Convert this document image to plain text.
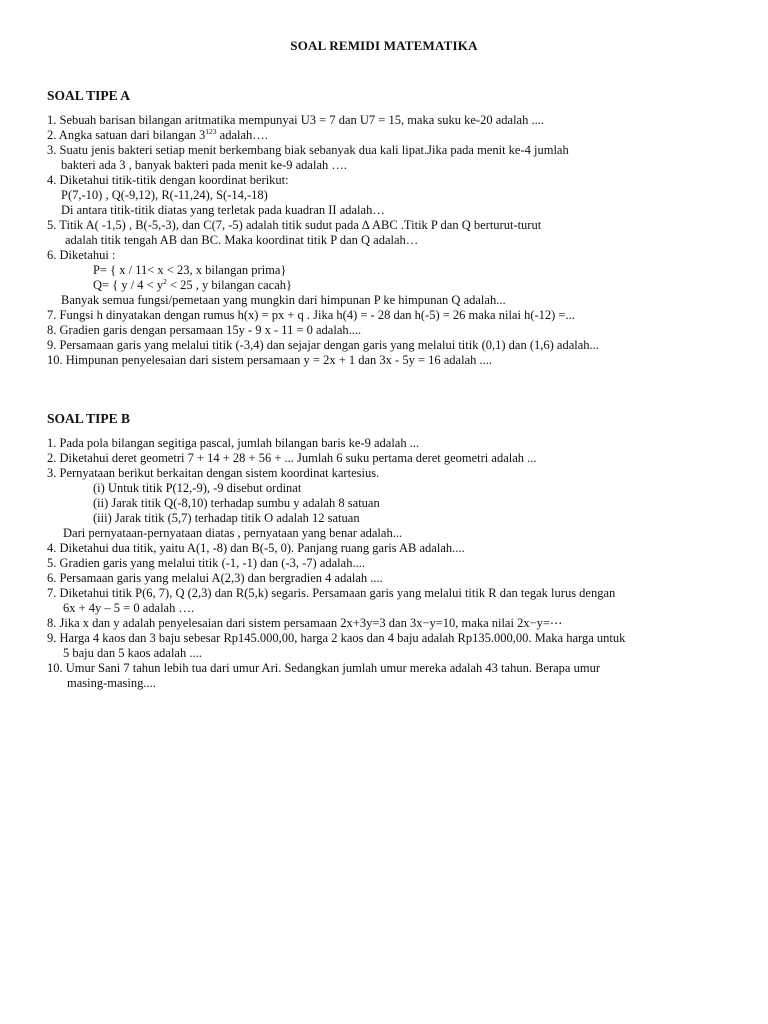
SOAL REMIDI MATEMATIKA
SOAL TIPE A
1. Sebuah barisan bilangan aritmatika mempunyai U3 = 7 dan U7 = 15, maka suku ke-20 adalah ....
2. Angka satuan dari bilangan $3^{123}$ adalah….
3. Suatu jenis bakteri setiap menit berkembang biak sebanyak dua kali lipat.Jika pada menit ke-4 jumlah
bakteri ada 3 , banyak bakteri pada menit ke-9 adalah ….
4. Diketahui titik-titik dengan koordinat berikut:
P(7,-10) , Q(-9,12), R(-11,24), S(-14,-18)
Di antara titik-titik diatas yang terletak pada kuadran II adalah…
5. Titik A( -1,5) , B(-5,-3), dan C(7, -5) adalah titik sudut pada ∆ ABC .Titik P dan Q berturut-turut
adalah titik tengah AB dan BC. Maka koordinat titik P dan Q adalah…
6. Diketahui :
P= { x / 11< x < 23, x bilangan prima}
Q= { $y / 4 < y^2 < 25$ , y bilangan cacah}
Banyak semua fungsi/pemetaan yang mungkin dari himpunan P ke himpunan Q adalah...
7. Fungsi h dinyatakan dengan rumus h(x) = px + q . Jika h(4) = - 28 dan h(-5) = 26 maka nilai h(-12) =...
8. Gradien garis dengan persamaan 15y - 9 x - 11 = 0 adalah....
9. Persamaan garis yang melalui titik (-3,4) dan sejajar dengan garis yang melalui titik (0,1) dan (1,6) adalah...
10. Himpunan penyelesaian dari sistem persamaan y = 2x + 1 dan 3x - 5y = 16 adalah ....
SOAL TIPE B
1. Pada pola bilangan segitiga pascal, jumlah bilangan baris ke-9 adalah ...
2. Diketahui deret geometri 7 + 14 + 28 + 56 + ... Jumlah 6 suku pertama deret geometri adalah ...
3. Pernyataan berikut berkaitan dengan sistem koordinat kartesius.
(i) Untuk titik P(12,-9), -9 disebut ordinat
(ii) Jarak titik Q(-8,10) terhadap sumbu y adalah 8 satuan
(iii) Jarak titik (5,7) terhadap titik O adalah 12 satuan
Dari pernyataan-pernyataan diatas , pernyataan yang benar adalah...
4. Diketahui dua titik, yaitu A(1, -8) dan B(-5, 0). Panjang ruang garis AB adalah....
5. Gradien garis yang melalui titik (-1, -1) dan (-3, -7) adalah....
6. Persamaan garis yang melalui A(2,3) dan bergradien 4 adalah ....
7. Diketahui titik P(6, 7), Q (2,3) dan R(5,k) segaris. Persamaan garis yang melalui titik R dan tegak lurus dengan
6x + 4y – 5 = 0 adalah ….
8. Jika x dan y adalah penyelesaian dari sistem persamaan 2x+3y=3 dan 3x−y=10, maka nilai 2x−y=⋯
9. Harga 4 kaos dan 3 baju sebesar Rp145.000,00, harga 2 kaos dan 4 baju adalah Rp135.000,00. Maka harga untuk
5 baju dan 5 kaos adalah ....
10. Umur Sani 7 tahun lebih tua dari umur Ari. Sedangkan jumlah umur mereka adalah 43 tahun. Berapa umur
masing-masing....
